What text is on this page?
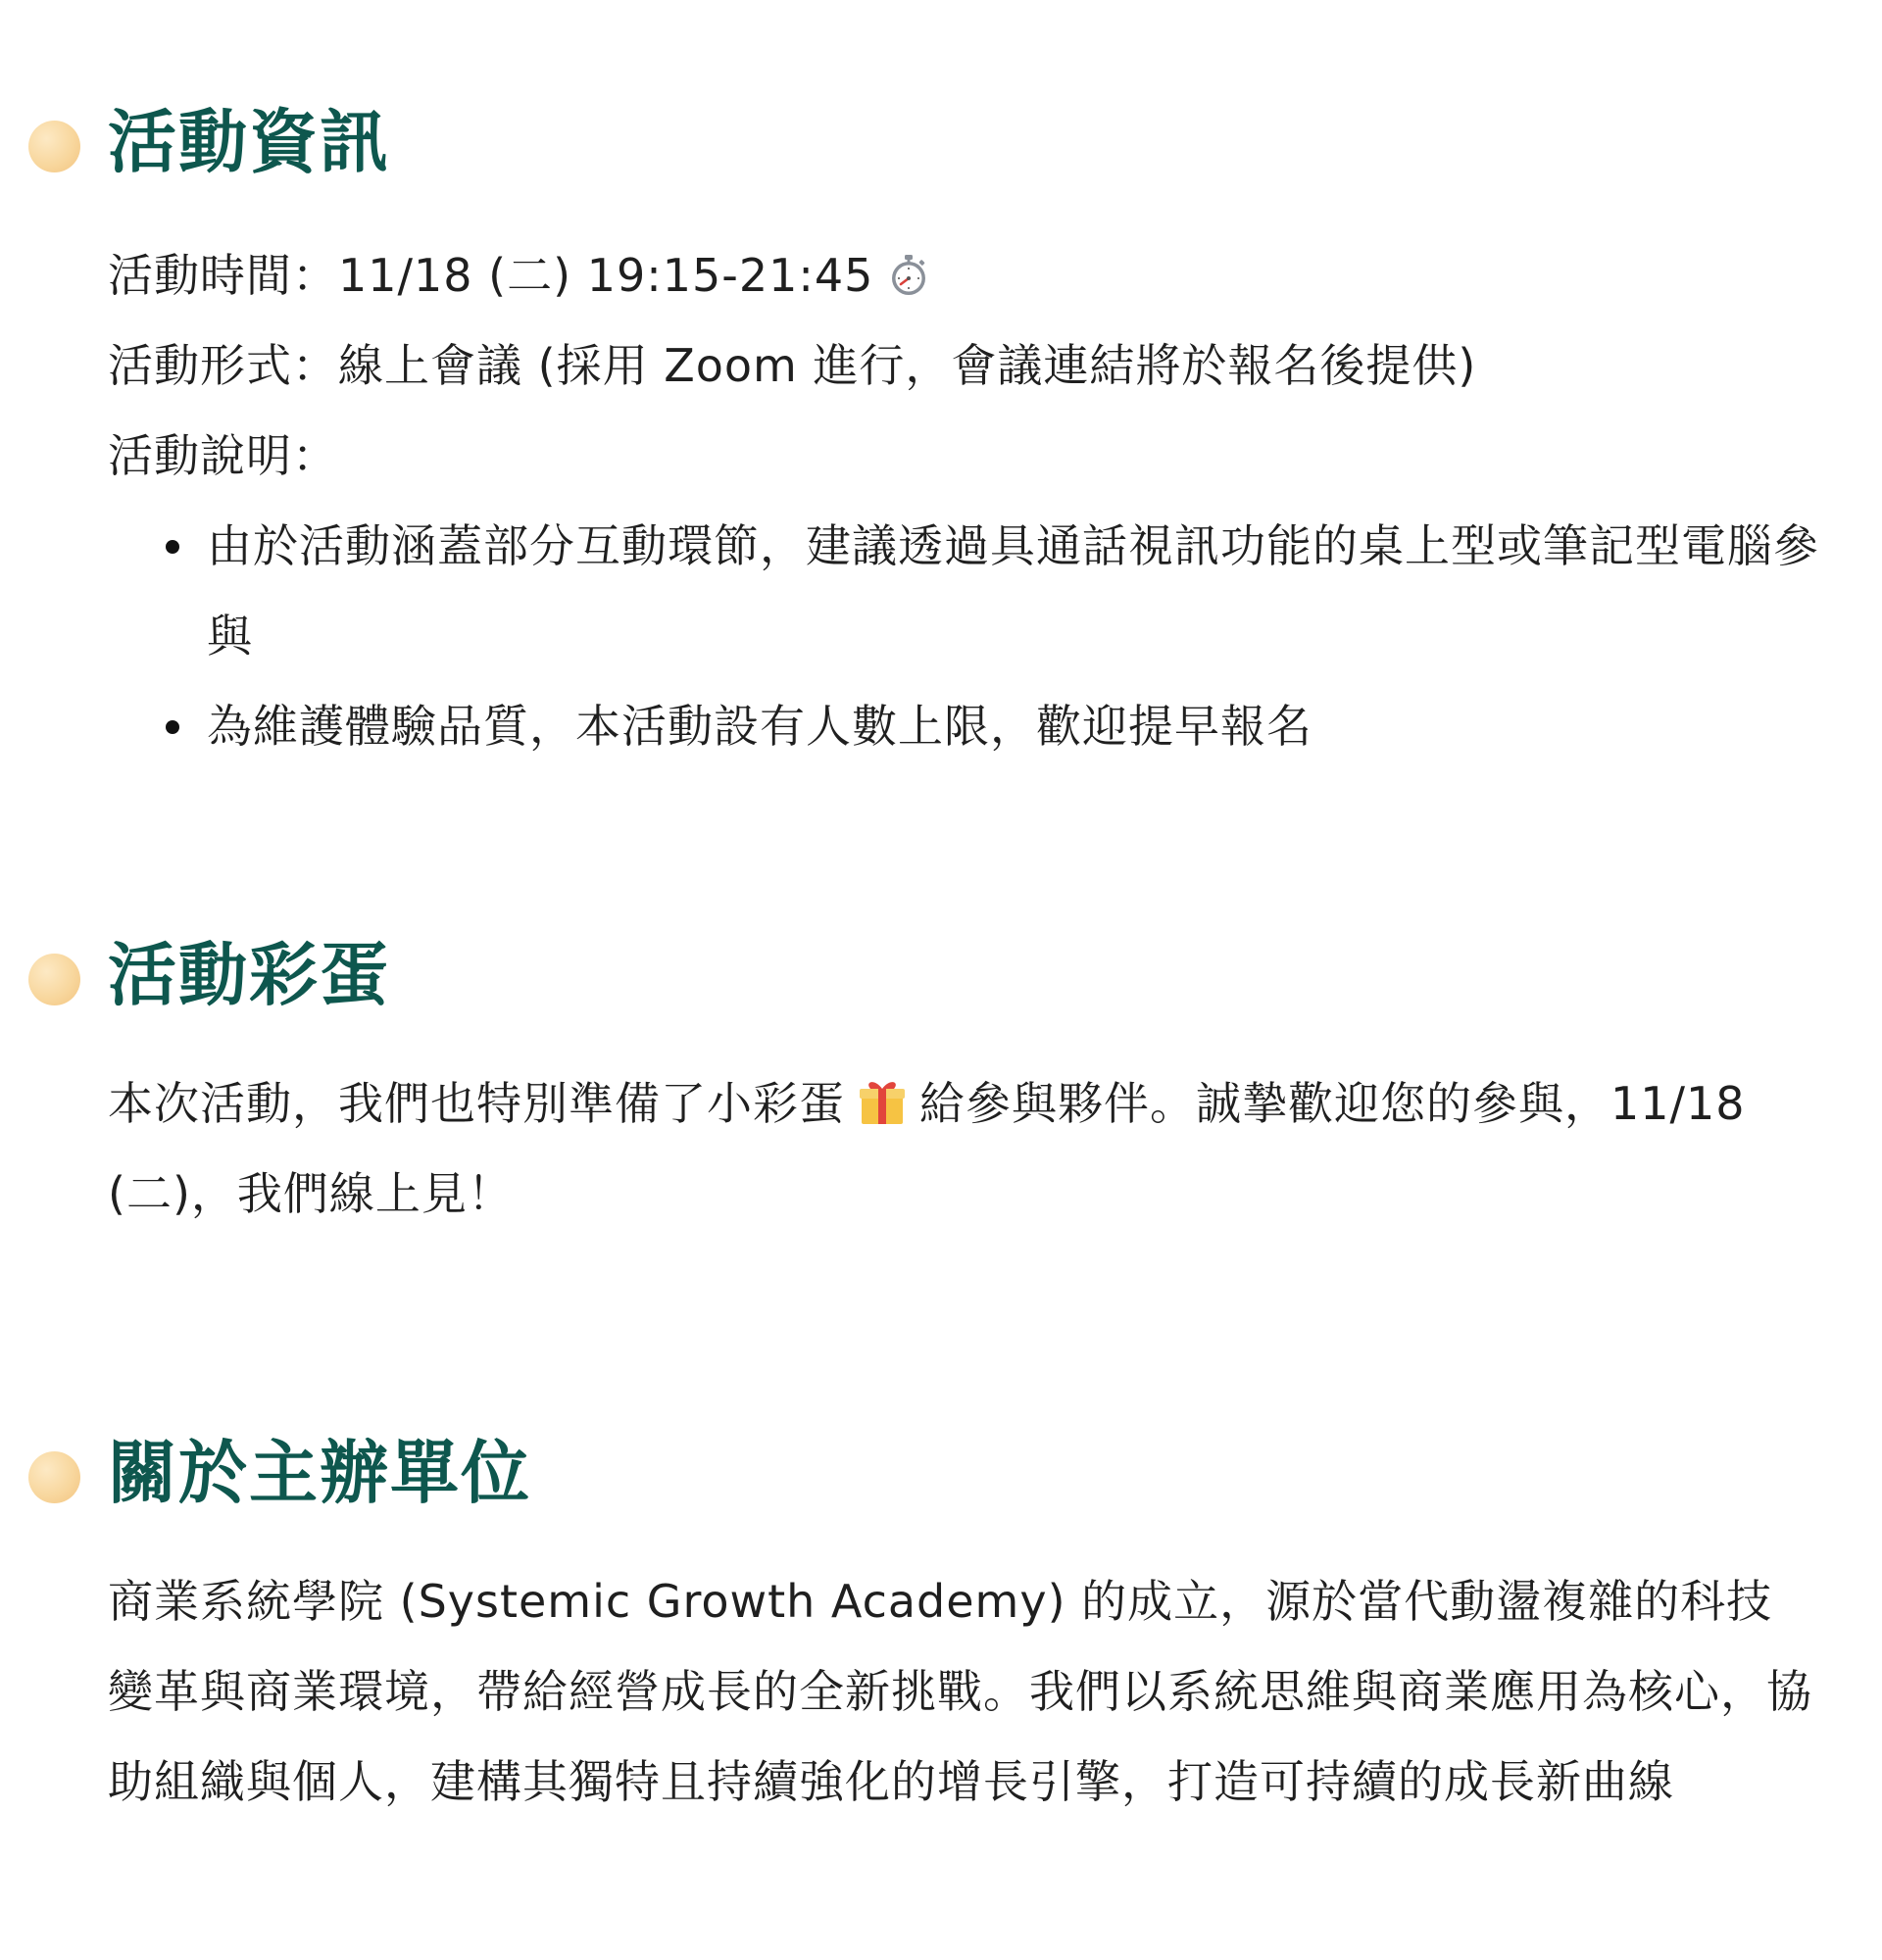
活動資訊
活動時間：11/18 (二) 19:15-21:45
活動形式：線上會議 (採用 Zoom 進行，會議連結將於報名後提供)
活動說明：
由於活動涵蓋部分互動環節，建議透過具通話視訊功能的桌上型或筆記型電腦參與
為維護體驗品質，本活動設有人數上限，歡迎提早報名
活動彩蛋

本次活動，我們也特別準備了小彩蛋 給參與夥伴。誠摯歡迎您的參與，11/18 (二)，我們線上見！

關於主辦單位

商業系統學院 (Systemic Growth Academy) 的成立，源於當代動盪複雜的科技變革與商業環境，帶給經營成長的全新挑戰。我們以系統思維與商業應用為核心，協助組織與個人，建構其獨特且持續強化的增長引擎，打造可持續的成長新曲線
